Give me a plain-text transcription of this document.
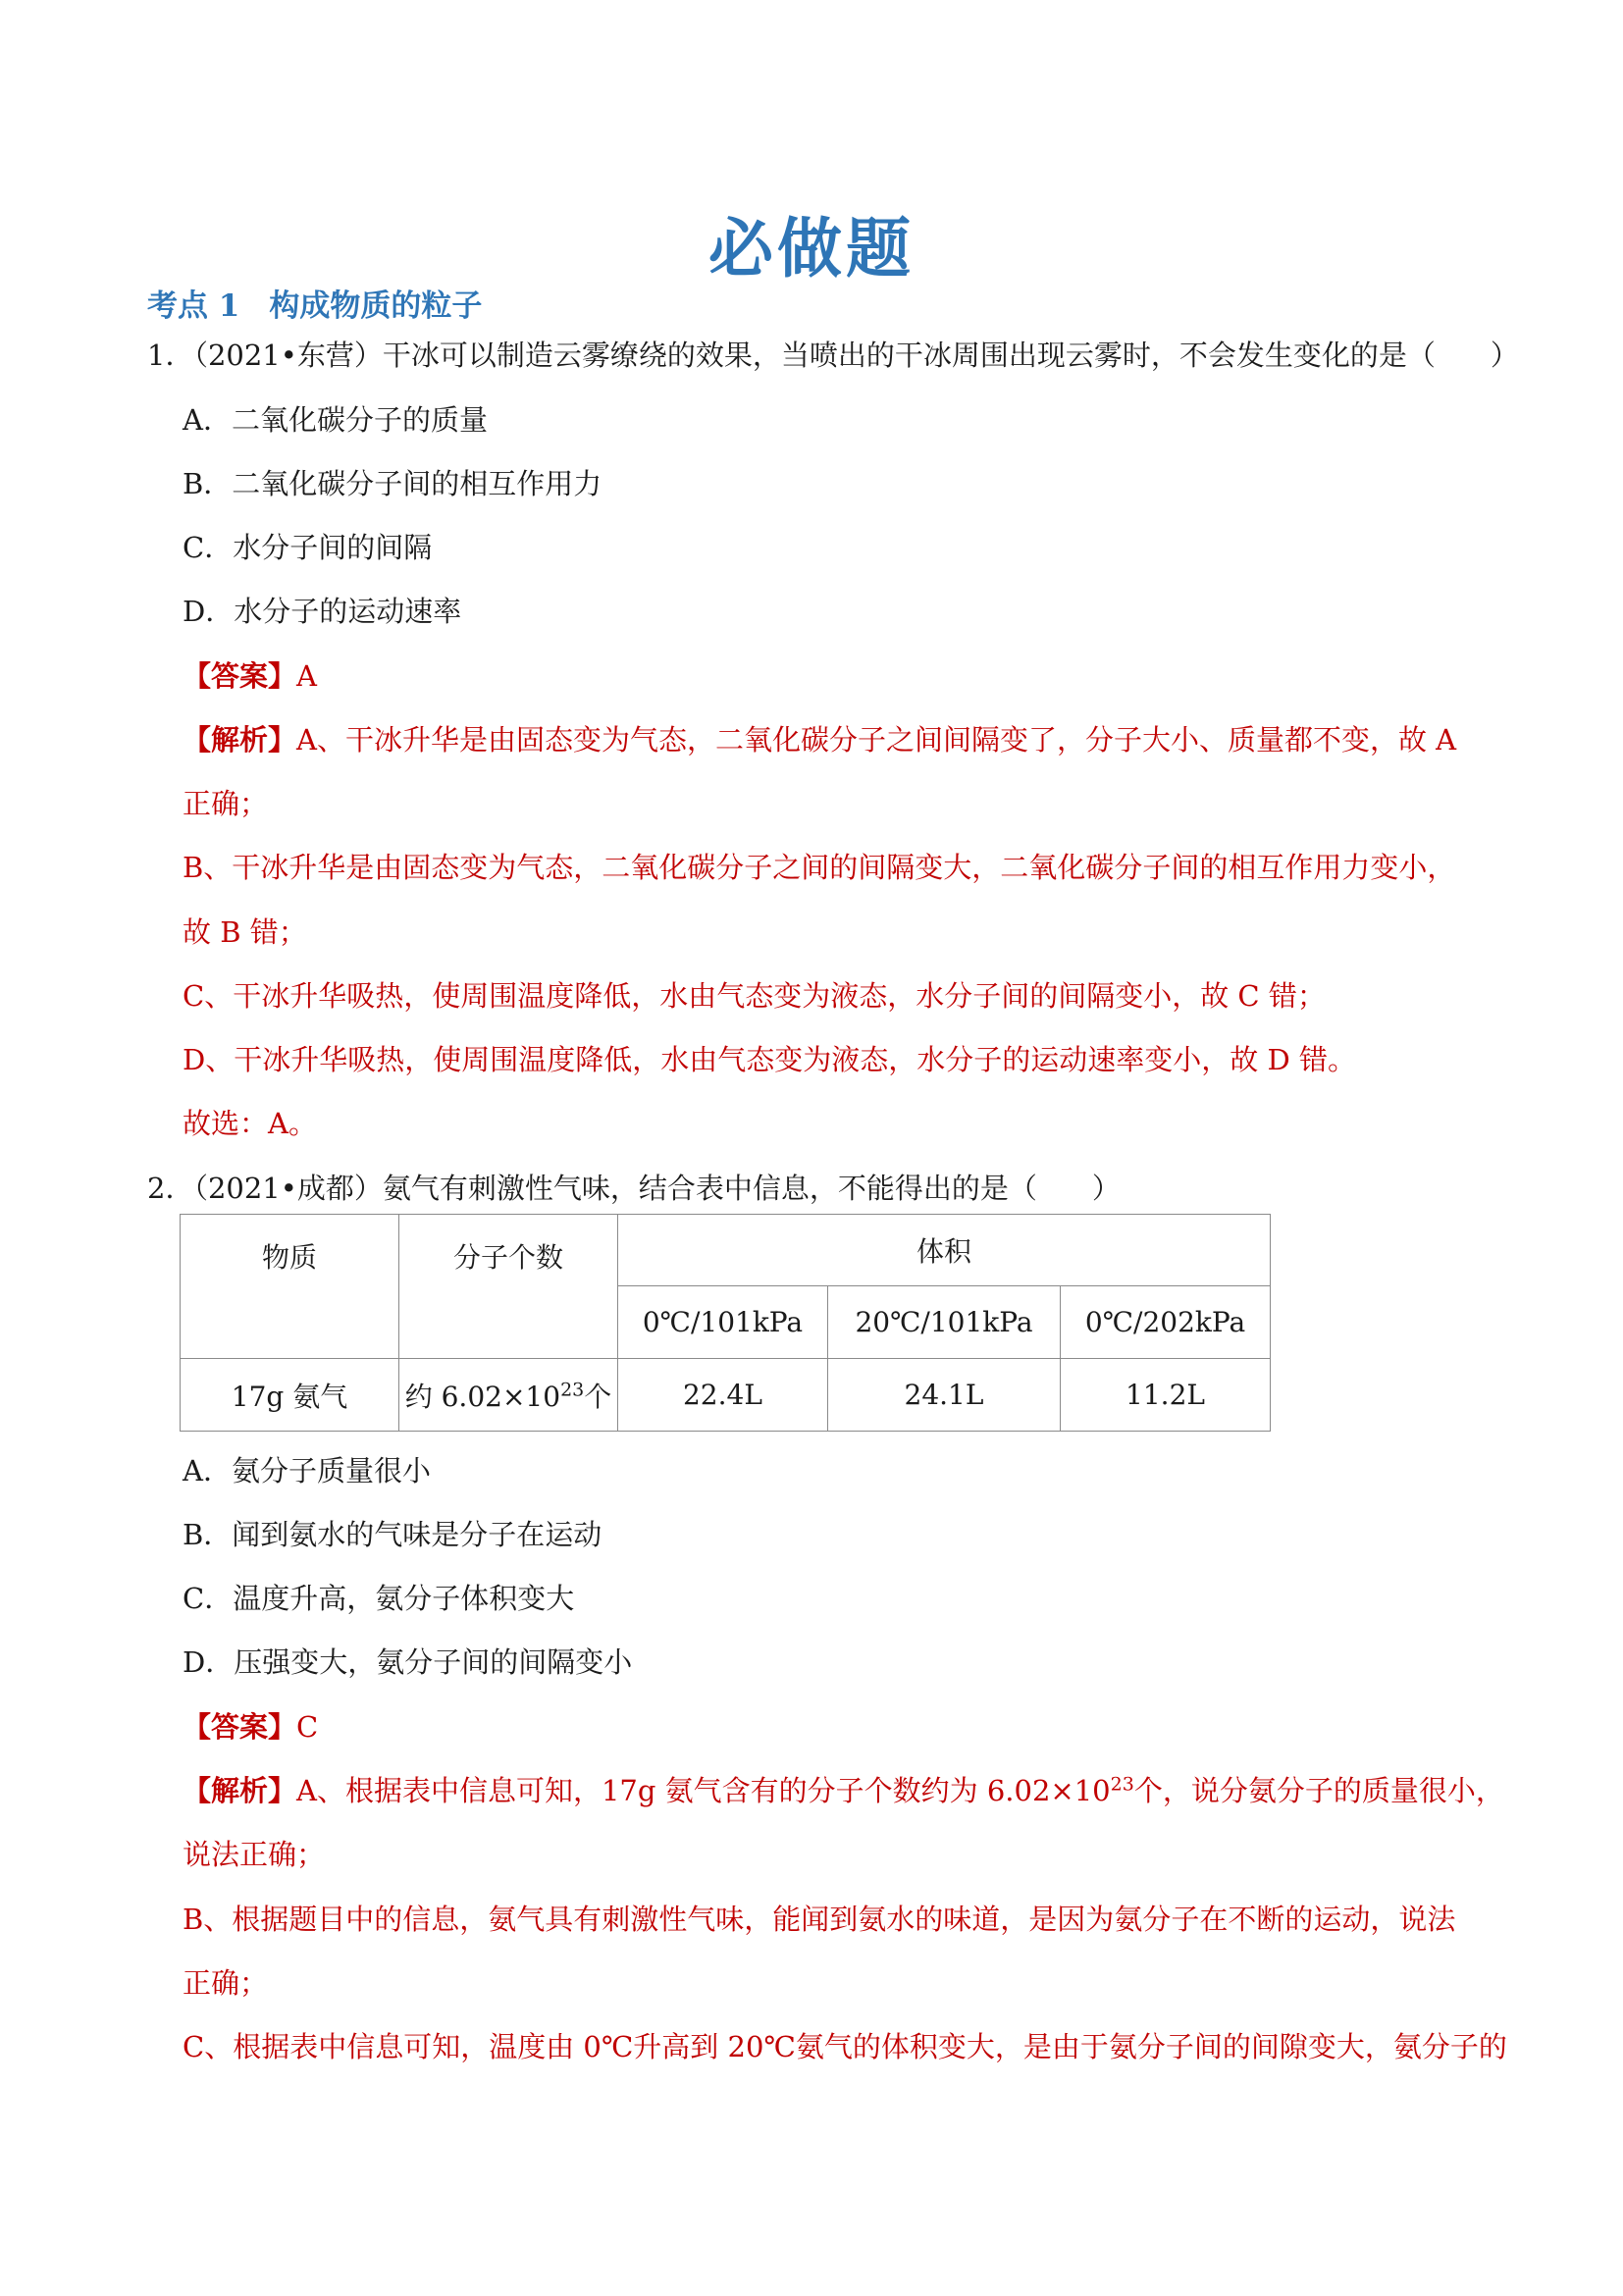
必做题
考点 1 构成物质的粒子
1．（2021•东营）干冰可以制造云雾缭绕的效果，当喷出的干冰周围出现云雾时，不会发生变化的是（ ）
A．二氧化碳分子的质量
B．二氧化碳分子间的相互作用力
C．水分子间的间隔
D．水分子的运动速率
【答案】A
【解析】A、干冰升华是由固态变为气态，二氧化碳分子之间间隔变了，分子大小、质量都不变，故 A
正确；
B、干冰升华是由固态变为气态，二氧化碳分子之间的间隔变大，二氧化碳分子间的相互作用力变小，
故 B 错；
C、干冰升华吸热，使周围温度降低，水由气态变为液态，水分子间的间隔变小，故 C 错；
D、干冰升华吸热，使周围温度降低，水由气态变为液态，水分子的运动速率变小，故 D 错。
故选：A。
2．（2021•成都）氨气有刺激性气味，结合表中信息，不能得出的是（ ）
物质	分子个数	体积		
		0℃/101kPa	20℃/101kPa	0℃/202kPa
17g 氨气	约 $6.02\times 10^{23}$个	22.4L	24.1L	11.2L
A．氨分子质量很小
B．闻到氨水的气味是分子在运动
C．温度升高，氨分子体积变大
D．压强变大，氨分子间的间隔变小
【答案】C
【解析】A、根据表中信息可知，17g 氨气含有的分子个数约为 $6.02\times 10^{23}$个，说分氨分子的质量很小，
说法正确；
B、根据题目中的信息，氨气具有刺激性气味，能闻到氨水的味道，是因为氨分子在不断的运动，说法
正确；
C、根据表中信息可知，温度由 0℃升高到 20℃氨气的体积变大，是由于氨分子间的间隙变大，氨分子的
